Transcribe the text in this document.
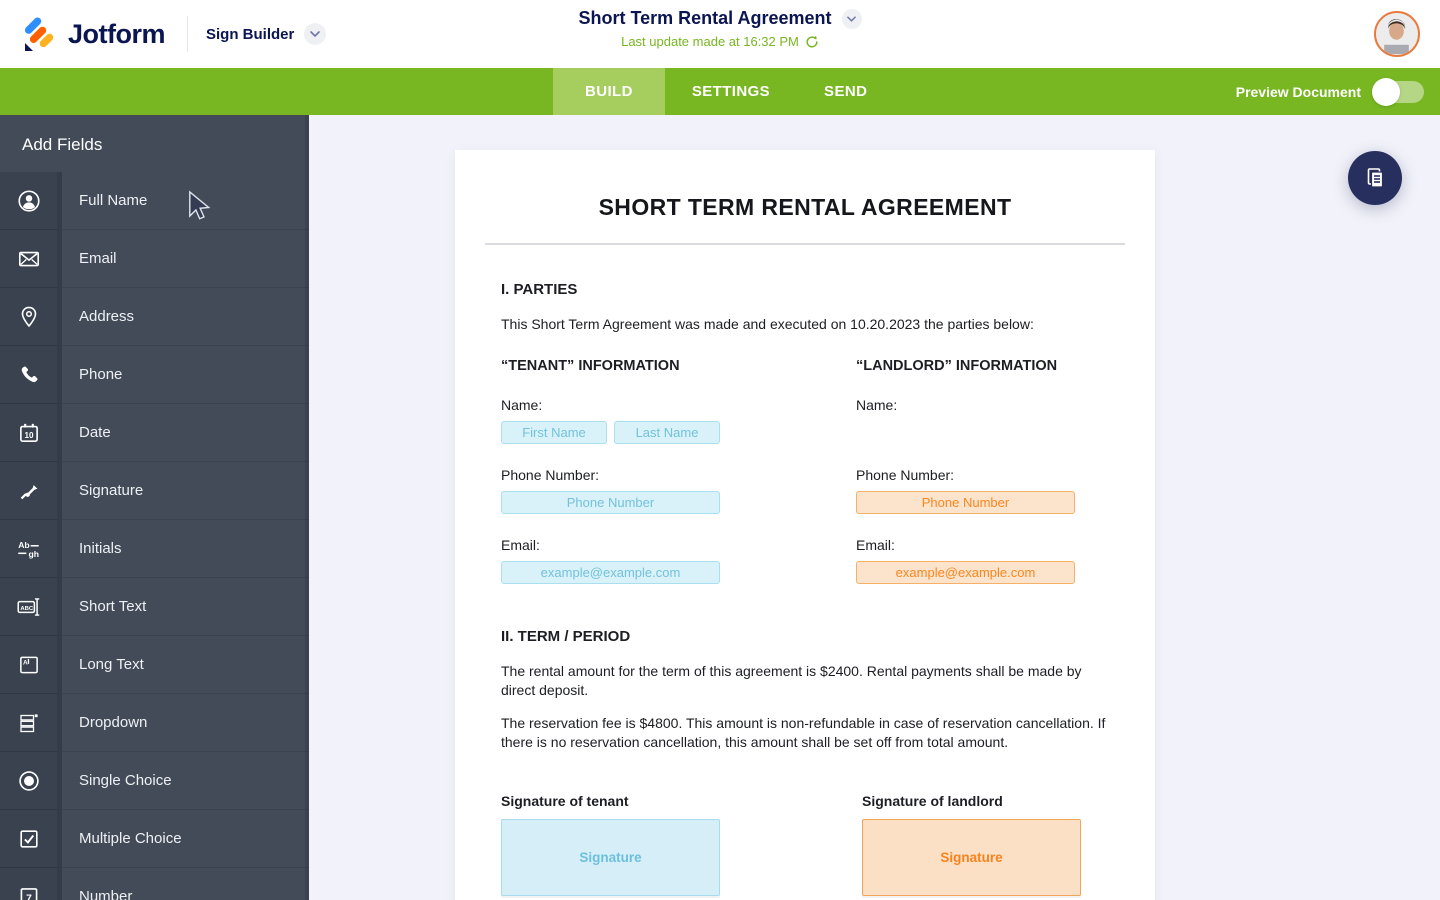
Jotform	Sign Builder
Short Term Rental Agreement
Last update made at 16:32 PM
BUILD	SETTINGS	SEND	Preview Document
Add Fields
Full Name
Email
Address
Phone
10	Date
Signature
Ab
gh	Initials
ABC	Short Text
A	Long Text
Dropdown
Single Choice
Multiple Choice
7	Number
SHORT TERM RENTAL AGREEMENT
I. PARTIES

This Short Term Agreement was made and executed on 10.20.2023 the parties below:

“TENANT” INFORMATION
Name:
First Name	Last Name
Phone Number:
Phone Number
Email:
example@example.com
“LANDLORD” INFORMATION
Name:
Phone Number:
Phone Number
Email:
example@example.com
II. TERM / PERIOD

The rental amount for the term of this agreement is $2400. Rental payments shall be made by direct deposit.

The reservation fee is $4800. This amount is non-refundable in case of reservation cancellation. If there is no reservation cancellation, this amount shall be set off from total amount.

Signature of tenant
Signature
Signature of landlord
Signature
